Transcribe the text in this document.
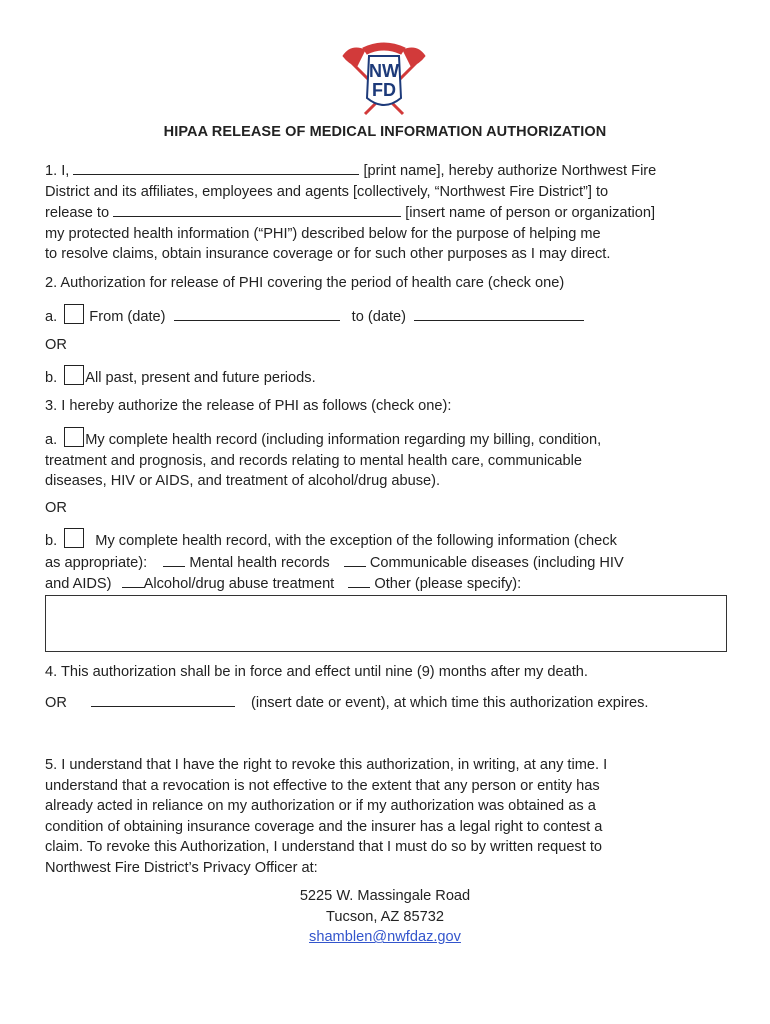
NW
FD
HIPAA RELEASE OF MEDICAL INFORMATION AUTHORIZATION
1. I,	[print name], hereby authorize Northwest Fire
District and its affiliates, employees and agents [collectively, “Northwest Fire District”] to
release to	[insert name of person or organization]
my protected health information (“PHI”) described below for the purpose of helping me
to resolve claims, obtain insurance coverage or for such other purposes as I may direct.
2. Authorization for release of PHI covering the period of health care (check one)
a. From (date)	to (date)
OR
b. All past, present and future periods.
3. I hereby authorize the release of PHI as follows (check one):
a. My complete health record (including information regarding my billing, condition,
treatment and prognosis, and records relating to mental health care, communicable
diseases, HIV or AIDS, and treatment of alcohol/drug abuse).
OR
b.	My complete health record, with the exception of the following information (check
as appropriate):	Mental health records	Communicable diseases (including HIV
and AIDS) Alcohol/drug abuse treatment	Other (please specify):
4. This authorization shall be in force and effect until nine (9) months after my death.
OR	(insert date or event), at which time this authorization expires.
5. I understand that I have the right to revoke this authorization, in writing, at any time. I
understand that a revocation is not effective to the extent that any person or entity has
already acted in reliance on my authorization or if my authorization was obtained as a
condition of obtaining insurance coverage and the insurer has a legal right to contest a
claim. To revoke this Authorization, I understand that I must do so by written request to
Northwest Fire District’s Privacy Officer at:
5225 W. Massingale Road
Tucson, AZ 85732
shamblen@nwfdaz.gov
